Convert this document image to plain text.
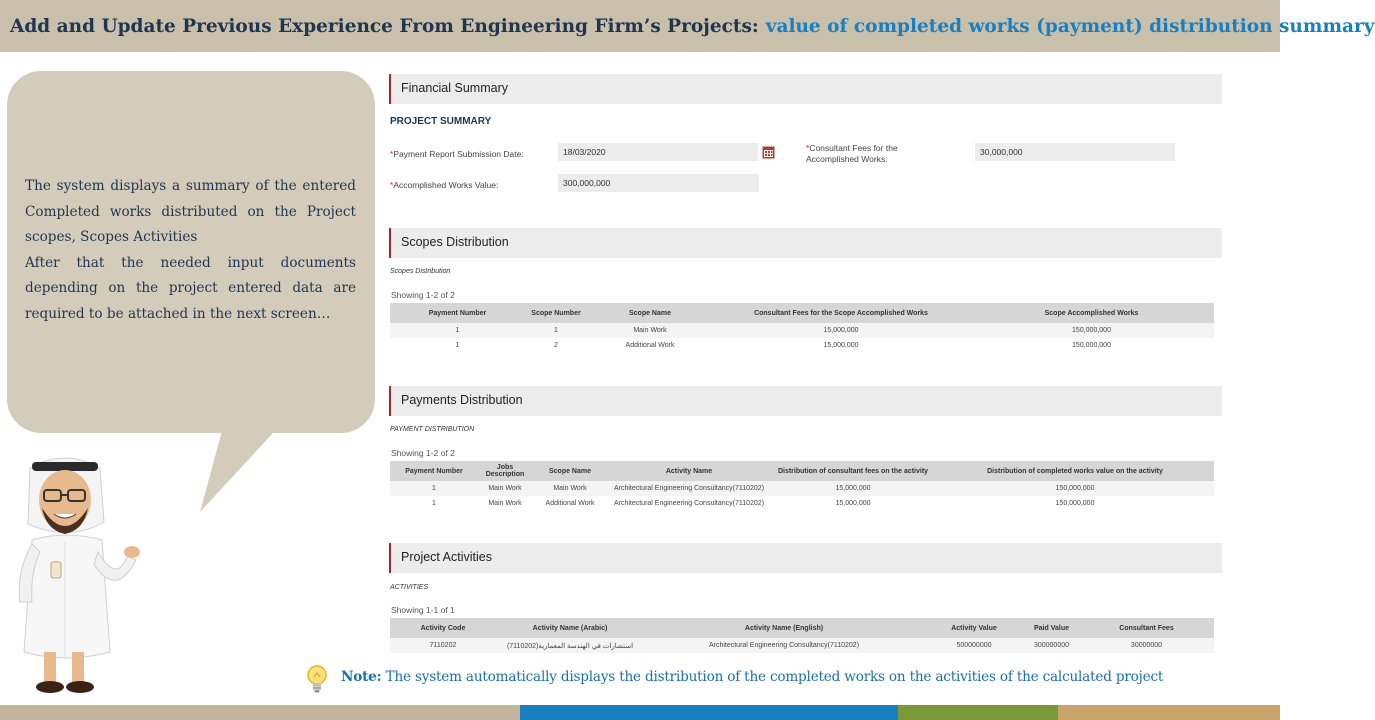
Add and Update Previous Experience From Engineering Firm’s Projects: value of completed works (payment) distribution summary

The system displays a summary of the entered Completed works distributed on the Project scopes, Scopes Activities

After that the needed input documents depending on the project entered data are required to be attached in the next screen…

Financial Summary
PROJECT SUMMARY
*Payment Report Submission Date:	18/03/2020	*Consultant Fees for the
Accomplished Works:
30,000,000
*Accomplished Works Value:	300,000,000
Scopes Distribution
Scopes Distribution
Showing 1-2 of 2
Payment Number	Scope Number	Scope Name	Consultant Fees for the Scope Accomplished Works	Scope Accomplished Works
1	1	Main Work	15,000,000	150,000,000
1	2	Additional Work	15,000,000	150,000,000
Payments Distribution
PAYMENT DISTRIBUTION
Showing 1-2 of 2
Payment Number	Jobs Description	Scope Name	Activity Name	Distribution of consultant fees on the activity	Distribution of completed works value on the activity
1	Main Work	Main Work	Architectural Engineering Consultancy(7110202)	15,000,000	150,000,000
1	Main Work	Additional Work	Architectural Engineering Consultancy(7110202)	15,000,000	150,000,000
Project Activities
ACTIVITIES
Showing 1-1 of 1
Activity Code	Activity Name (Arabic)	Activity Name (English)	Activity Value	Paid Value	Consultant Fees
7110202	استشارات في الهندسة المعمارية(7110202)	Architectural Engineering Consultancy(7110202)	500000000	300000000	30000000
Note: The system automatically displays the distribution of the completed works on the activities of the calculated project
